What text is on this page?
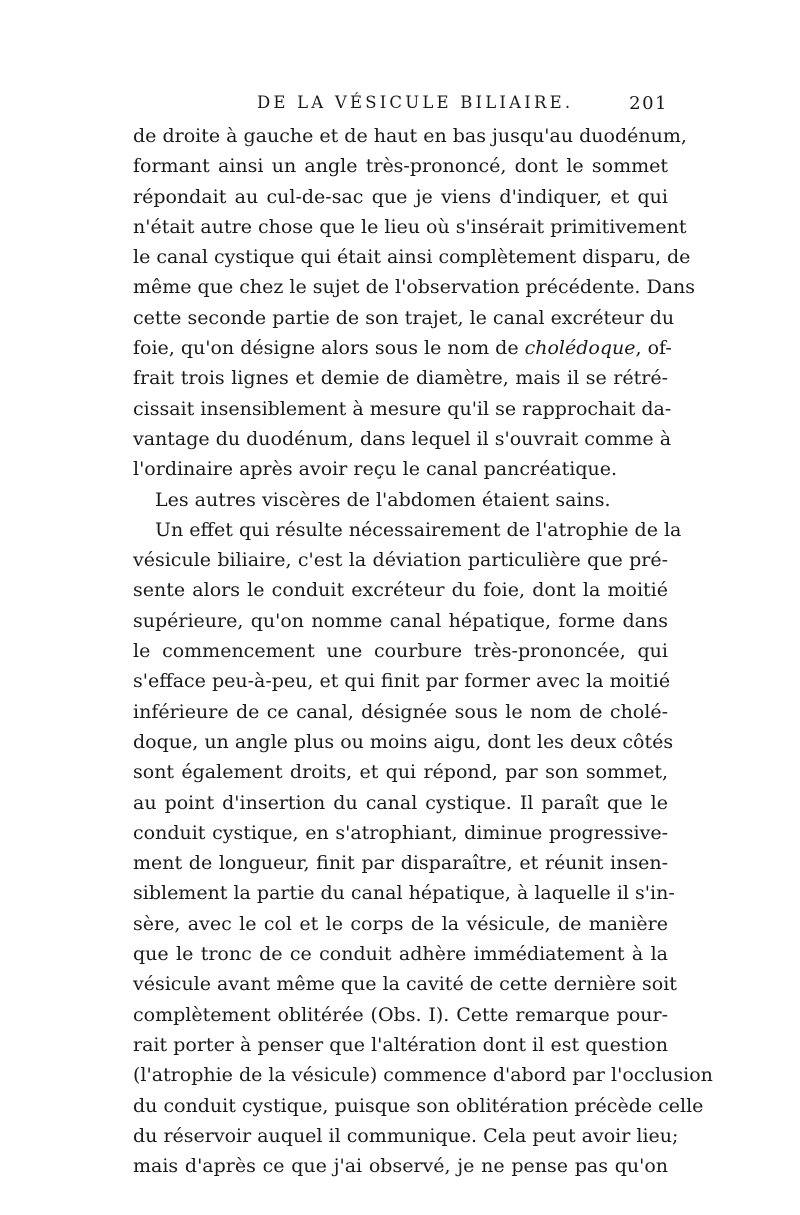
DE LA VÉSICULE BILIAIRE.	201
de droite à gauche et de haut en bas jusqu'au duodénum,
formant ainsi un angle très-prononcé, dont le sommet
répondait au cul-de-sac que je viens d'indiquer, et qui
n'était autre chose que le lieu où s'insérait primitivement
le canal cystique qui était ainsi complètement disparu, de
même que chez le sujet de l'observation précédente. Dans
cette seconde partie de son trajet, le canal excréteur du
foie, qu'on désigne alors sous le nom de cholédoque, of-
frait trois lignes et demie de diamètre, mais il se rétré-
cissait insensiblement à mesure qu'il se rapprochait da-
vantage du duodénum, dans lequel il s'ouvrait comme à
l'ordinaire après avoir reçu le canal pancréatique.
Les autres viscères de l'abdomen étaient sains.
Un effet qui résulte nécessairement de l'atrophie de la
vésicule biliaire, c'est la déviation particulière que pré-
sente alors le conduit excréteur du foie, dont la moitié
supérieure, qu'on nomme canal hépatique, forme dans
le commencement une courbure très-prononcée, qui
s'efface peu-à-peu, et qui finit par former avec la moitié
inférieure de ce canal, désignée sous le nom de cholé-
doque, un angle plus ou moins aigu, dont les deux côtés
sont également droits, et qui répond, par son sommet,
au point d'insertion du canal cystique. Il paraît que le
conduit cystique, en s'atrophiant, diminue progressive-
ment de longueur, finit par disparaître, et réunit insen-
siblement la partie du canal hépatique, à laquelle il s'in-
sère, avec le col et le corps de la vésicule, de manière
que le tronc de ce conduit adhère immédiatement à la
vésicule avant même que la cavité de cette dernière soit
complètement oblitérée (Obs. I). Cette remarque pour-
rait porter à penser que l'altération dont il est question
(l'atrophie de la vésicule) commence d'abord par l'occlusion
du conduit cystique, puisque son oblitération précède celle
du réservoir auquel il communique. Cela peut avoir lieu;
mais d'après ce que j'ai observé, je ne pense pas qu'on
